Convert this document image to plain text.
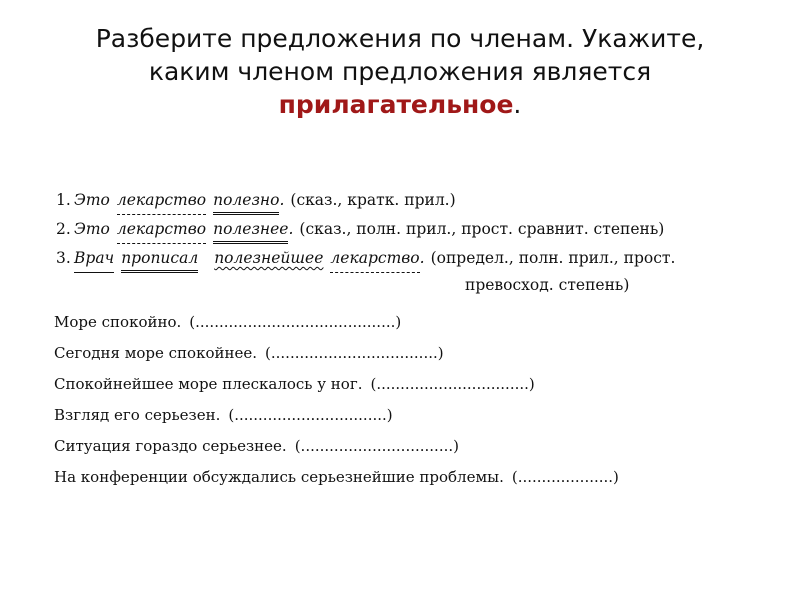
Разберите предложения по членам. Укажите,
каким членом предложения является
прилагательное.
1. Это лекарство полезно . (сказ., кратк. прил.)
2. Это лекарство полезнее . (сказ., полн. прил., прост. сравнит. степень)
3. Врач прописал полезнейшее лекарство . (определ., полн. прил., прост.
превосход. степень)
Море спокойно. (..........................................)
Сегодня море спокойнее. (...................................)
Спокойнейшее море плескалось у ног. (................................)
Взгляд его серьезен. (................................)
Ситуация гораздо серьезнее. (................................)
На конференции обсуждались серьезнейшие проблемы. (....................)
